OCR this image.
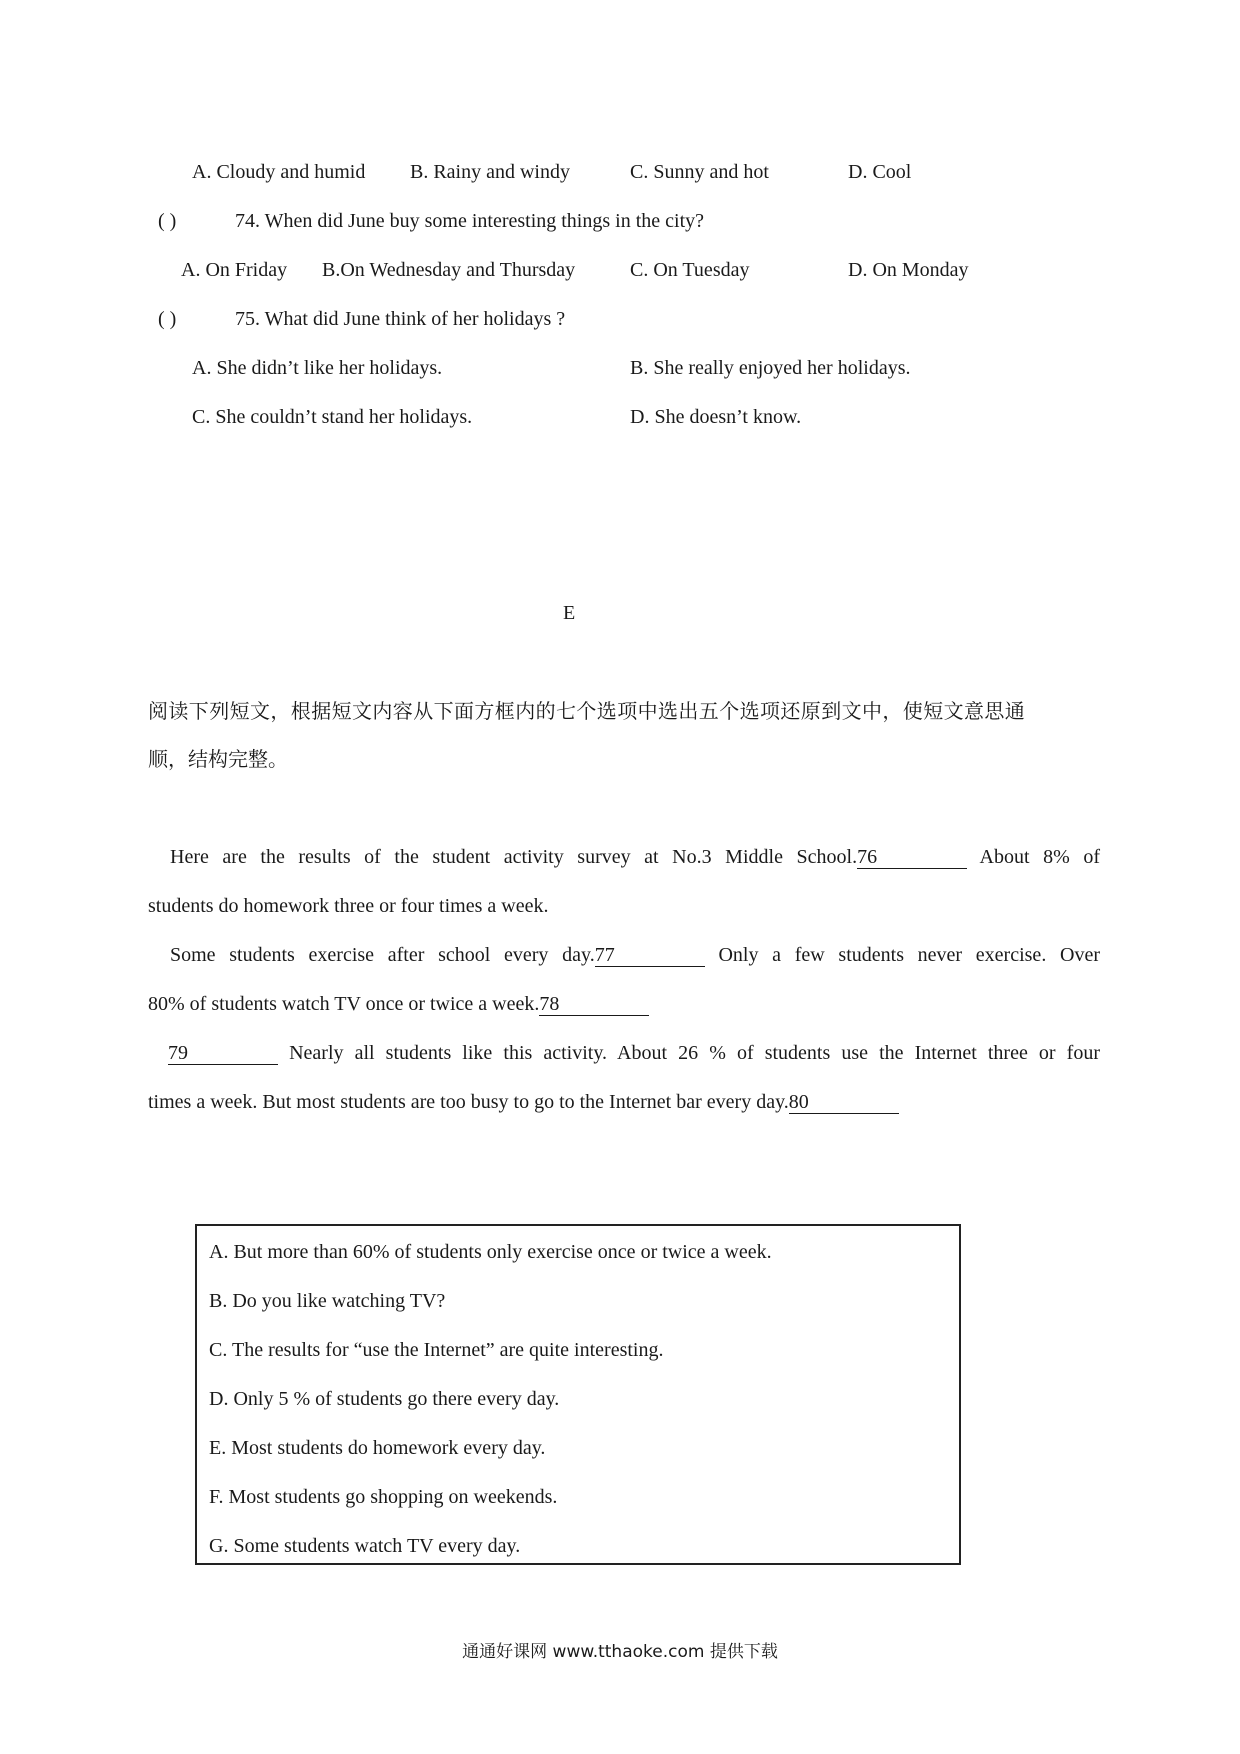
A. Cloudy and humid B. Rainy and windy	C. Sunny and hot	D. Cool
( )	74. When did June buy some interesting things in the city?
A. On Friday B.On Wednesday and Thursday	C. On Tuesday	D. On Monday
( )	75. What did June think of her holidays ?
A. She didn’t like her holidays.	B. She really enjoyed her holidays.
C. She couldn’t stand her holidays.	D. She doesn’t know.
E
阅读下列短文，根据短文内容从下面方框内的七个选项中选出五个选项还原到文中，使短文意思通
顺，结构完整。
Here are the results of the student activity survey at No.3 Middle School.76	About 8% of
students do homework three or four times a week.
Some students exercise after school every day.77	Only a few students never exercise. Over
80% of students watch TV once or twice a week.78
79	Nearly all students like this activity. About 26 % of students use the Internet three or four
times a week. But most students are too busy to go to the Internet bar every day.80
A. But more than 60% of students only exercise once or twice a week.
B. Do you like watching TV?
C. The results for “use the Internet” are quite interesting.
D. Only 5 % of students go there every day.
E. Most students do homework every day.
F. Most students go shopping on weekends.
G. Some students watch TV every day.
通通好课网 www.tthaoke.com 提供下载
